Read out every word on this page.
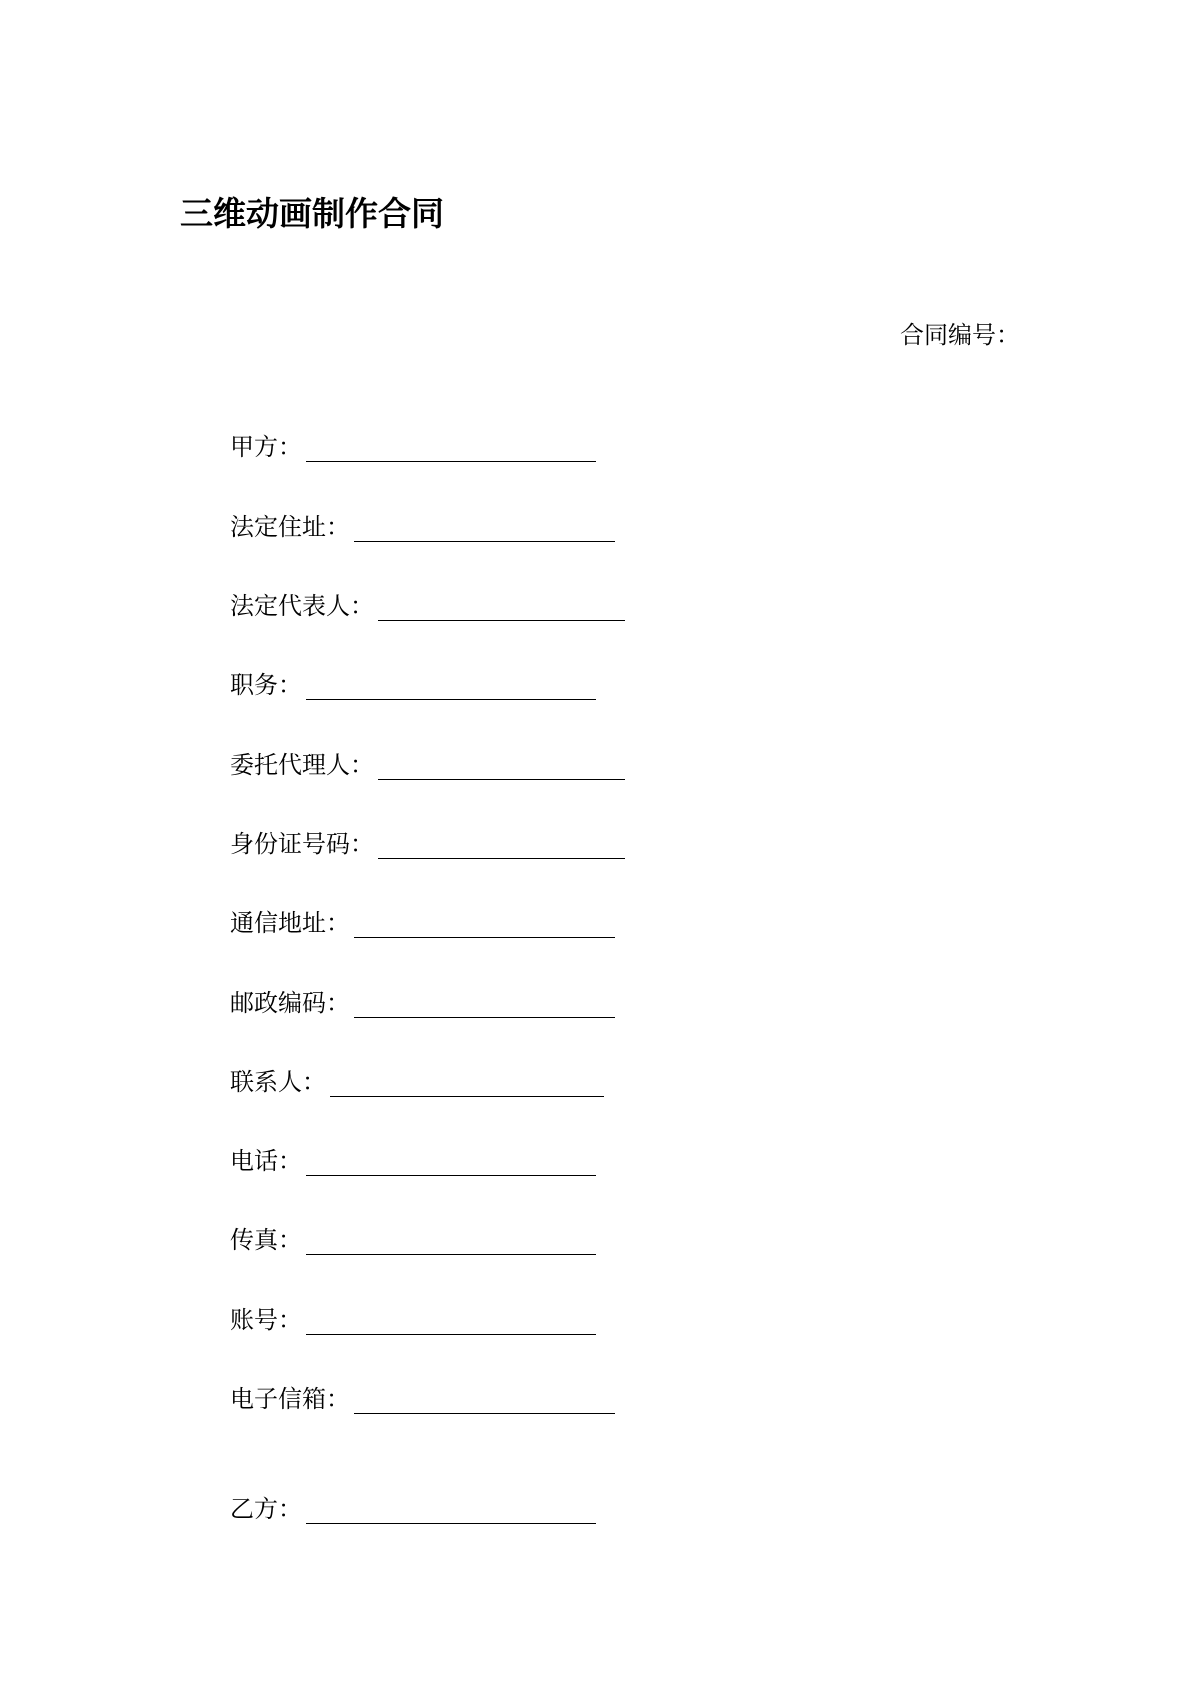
三维动画制作合同
合同编号：
甲方：
法定住址：
法定代表人：
职务：
委托代理人：
身份证号码：
通信地址：
邮政编码：
联系人：
电话：
传真：
账号：
电子信箱：
乙方：
